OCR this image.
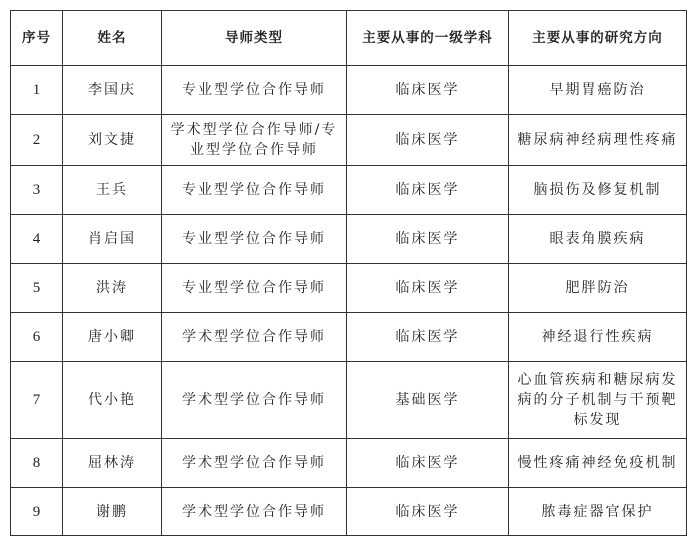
序号	姓名	导师类型	主要从事的一级学科	主要从事的研究方向
1	李国庆	专业型学位合作导师	临床医学	早期胃癌防治
2	刘文捷	学术型学位合作导师/专业型学位合作导师	临床医学	糖尿病神经病理性疼痛
3	王兵	专业型学位合作导师	临床医学	脑损伤及修复机制
4	肖启国	专业型学位合作导师	临床医学	眼表角膜疾病
5	洪涛	专业型学位合作导师	临床医学	肥胖防治
6	唐小卿	学术型学位合作导师	临床医学	神经退行性疾病
7	代小艳	学术型学位合作导师	基础医学	心血管疾病和糖尿病发病的分子机制与干预靶标发现
8	屈林涛	学术型学位合作导师	临床医学	慢性疼痛神经免疫机制
9	谢鹏	学术型学位合作导师	临床医学	脓毒症器官保护
